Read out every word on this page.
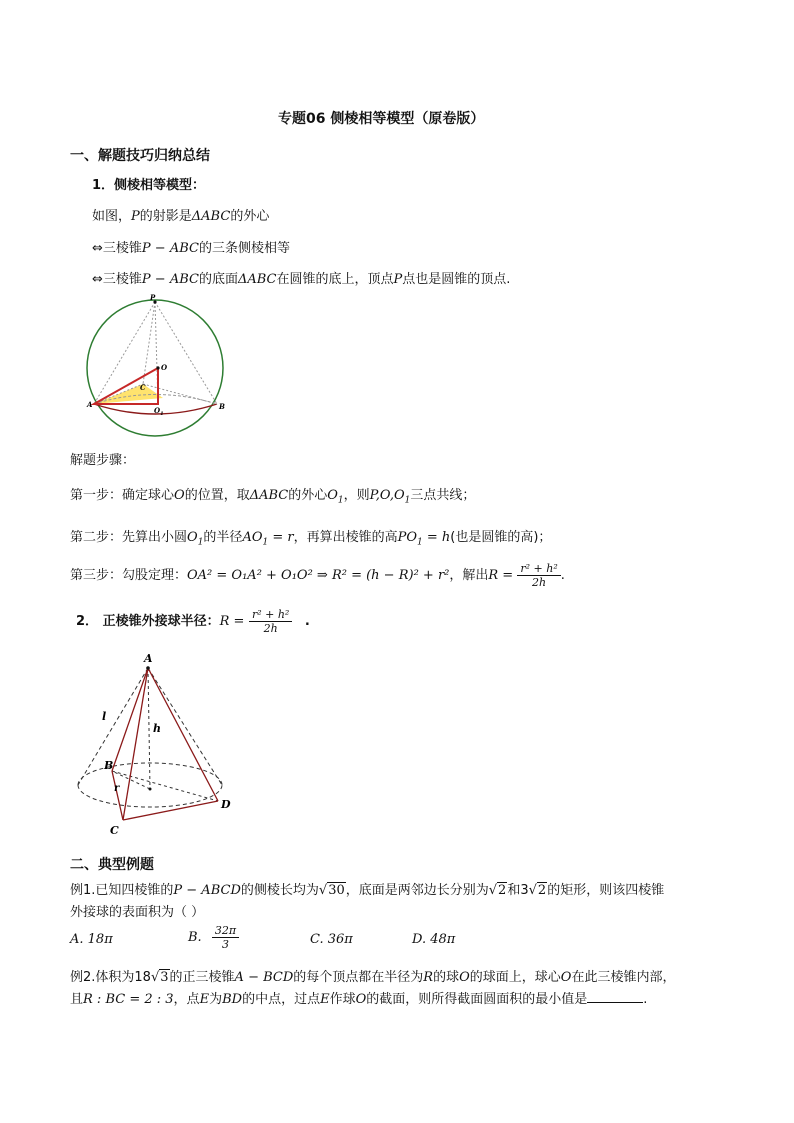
专题06 侧棱相等模型（原卷版）
一、解题技巧归纳总结
1．侧棱相等模型：
如图，P的射影是ΔABC的外心
⇔三棱锥P − ABC的三条侧棱相等
⇔三棱锥P − ABC的底面ΔABC在圆锥的底上，顶点P点也是圆锥的顶点.
P
O
C
$O_1$
A	B
解题步骤：
第一步：确定球心O的位置，取ΔABC的外心$O_1$，则$P,O,O_1$三点共线；
第二步：先算出小圆$O_1$的半径$AO_1 = r$，再算出棱锥的高$PO_1 = h$(也是圆锥的高)；
第三步：勾股定理：OA² = O₁A² + O₁O² ⇒ R² = (h − R)² + r²，解出$R = \frac{\text{r² + h²}}{2h}$ .
2． 正棱锥外接球半径：$R = \frac{\text{r² + h²}}{2h}$ .
A
l
h
B
r
C
D
二、典型例题
例1.已知四棱锥的P − ABCD的侧棱长均为√30，底面是两邻边长分别为√2和3√2的矩形，则该四棱锥
外接球的表面积为（ ）
A. 18π	B. $\frac{32\pi}{3}$	C. 36π	D. 48π
例2.体积为18√3的正三棱锥A − BCD的每个顶点都在半径为R的球O的球面上，球心O在此三棱锥内部，
且R : BC = 2 : 3，点E为BD的中点，过点E作球O的截面，则所得截面圆面积的最小值是	.
